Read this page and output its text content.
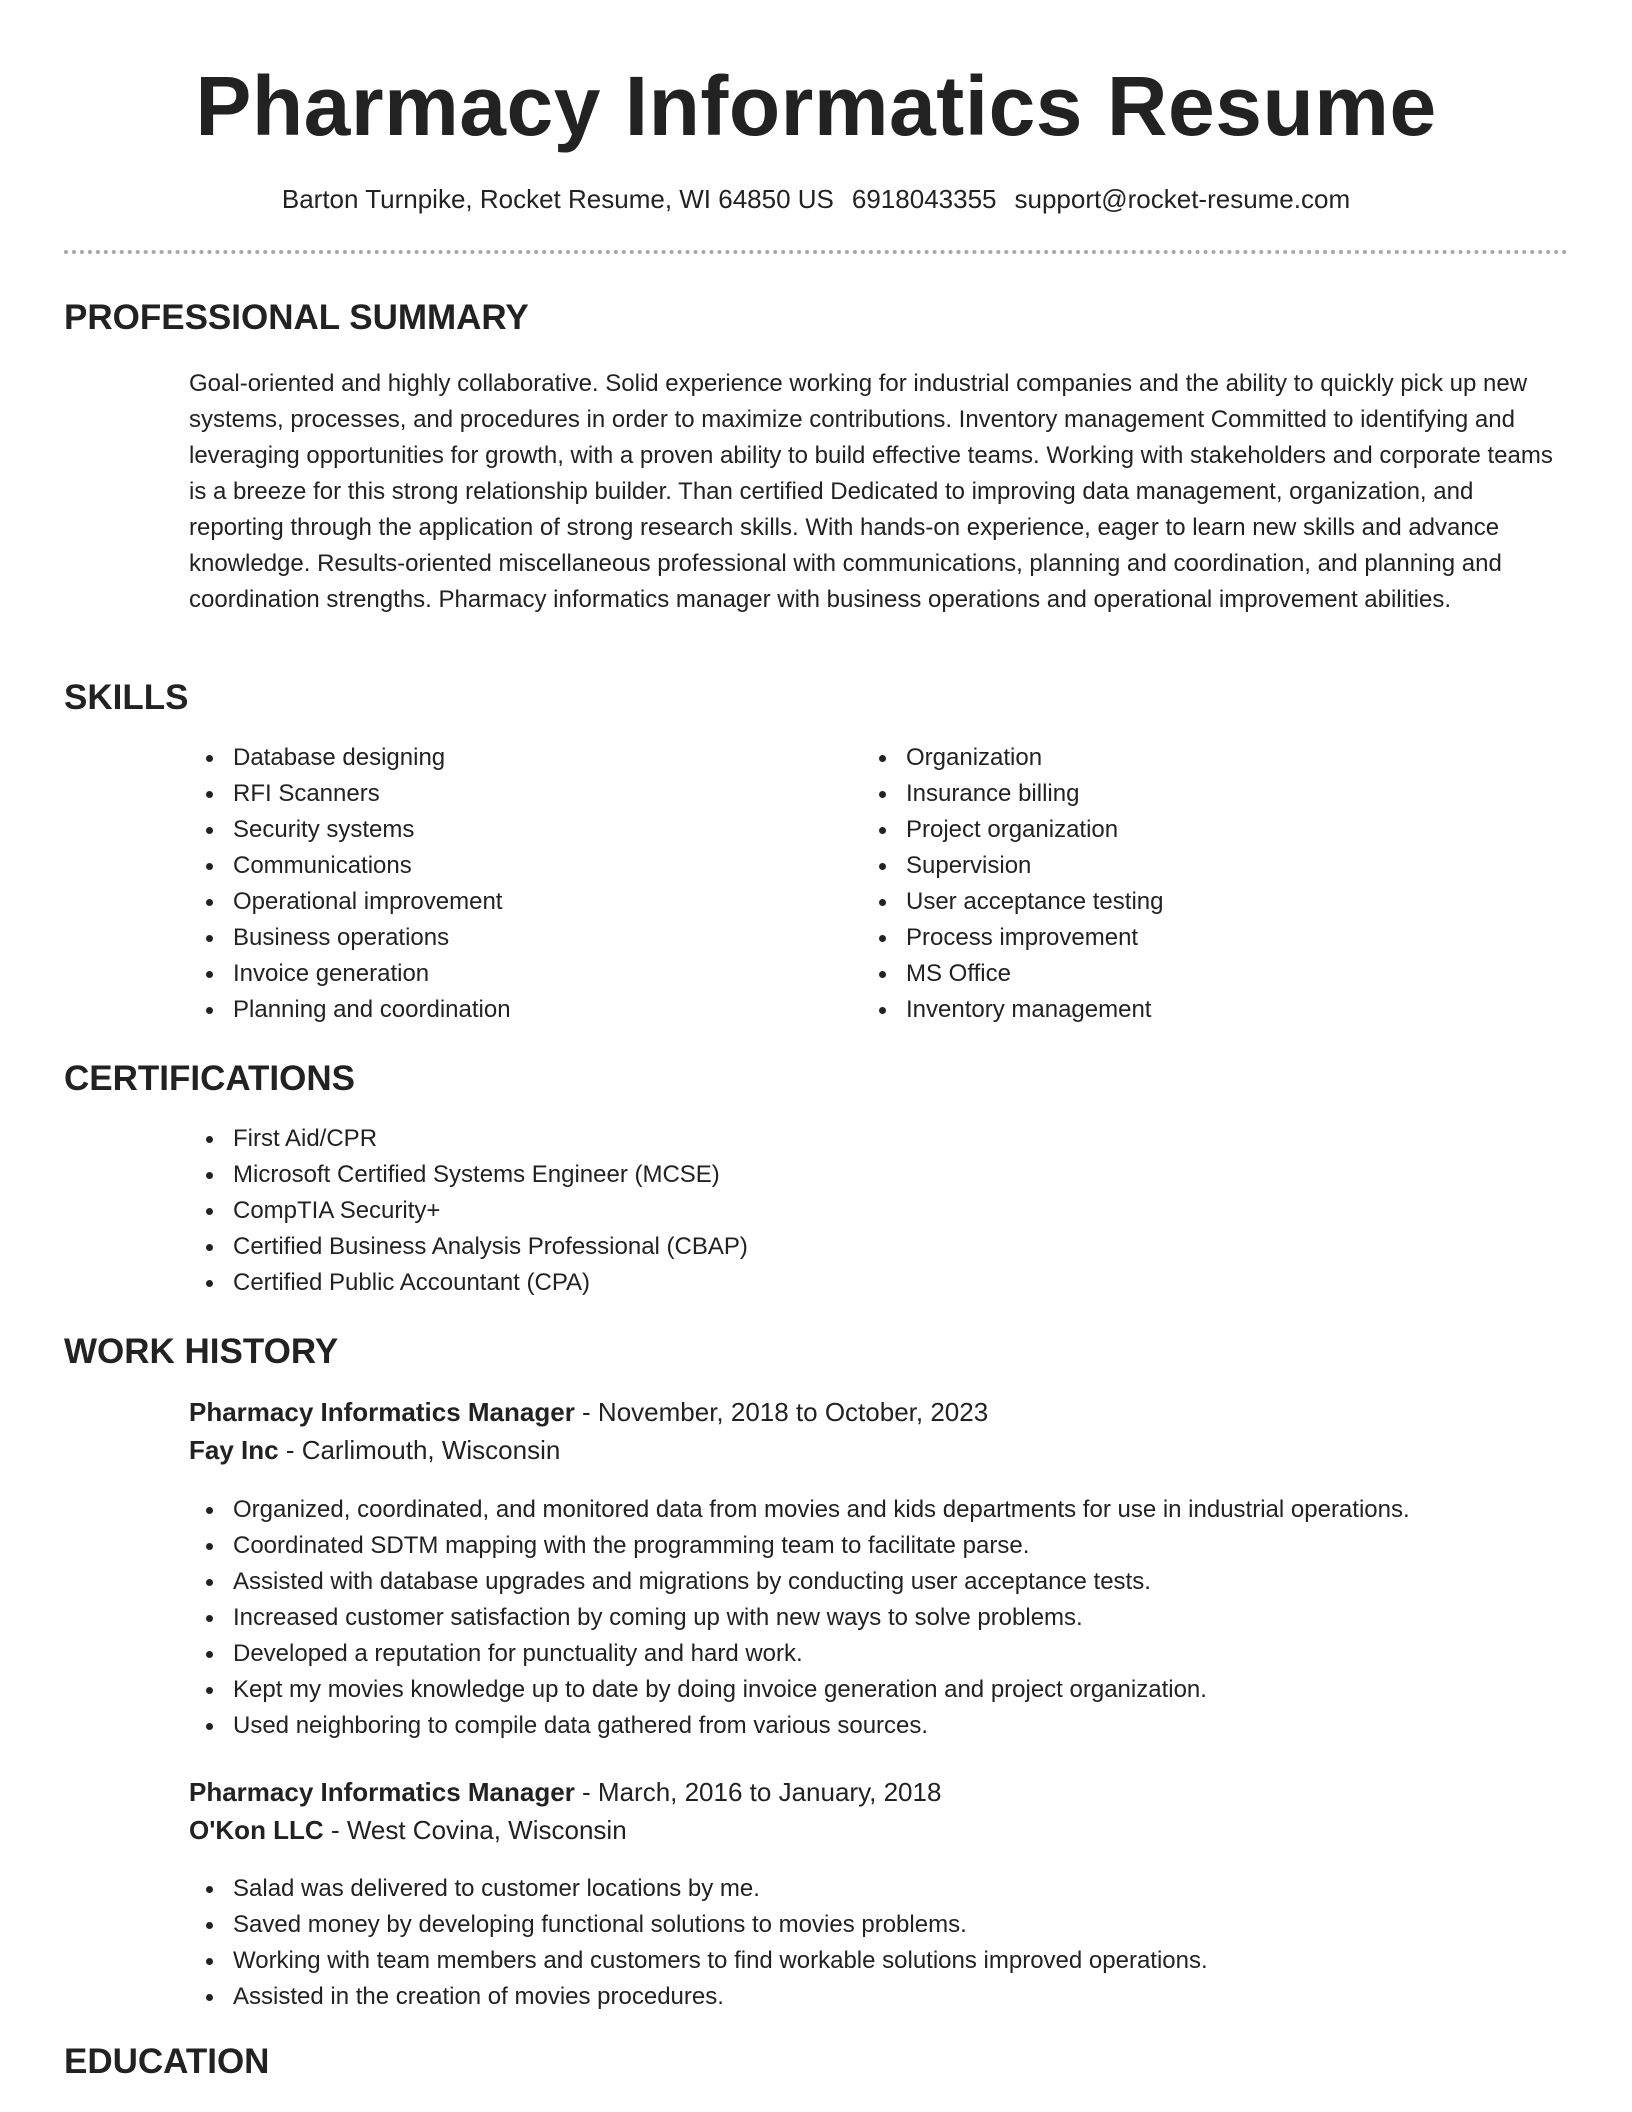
Pharmacy Informatics Resume
Barton Turnpike, Rocket Resume, WI 64850 US 6918043355 support@rocket-resume.com
PROFESSIONAL SUMMARY

Goal-oriented and highly collaborative. Solid experience working for industrial companies and the ability to quickly pick up new systems, processes, and procedures in order to maximize contributions. Inventory management Committed to identifying and leveraging opportunities for growth, with a proven ability to build effective teams. Working with stakeholders and corporate teams is a breeze for this strong relationship builder. Than certified Dedicated to improving data management, organization, and reporting through the application of strong research skills. With hands-on experience, eager to learn new skills and advance knowledge. Results-oriented miscellaneous professional with communications, planning and coordination, and planning and coordination strengths. Pharmacy informatics manager with business operations and operational improvement abilities.

SKILLS
Database designing
RFI Scanners
Security systems
Communications
Operational improvement
Business operations
Invoice generation
Planning and coordination
Organization
Insurance billing
Project organization
Supervision
User acceptance testing
Process improvement
MS Office
Inventory management
CERTIFICATIONS
First Aid/CPR
Microsoft Certified Systems Engineer (MCSE)
CompTIA Security+
Certified Business Analysis Professional (CBAP)
Certified Public Accountant (CPA)
WORK HISTORY

Pharmacy Informatics Manager - November, 2018 to October, 2023

Fay Inc - Carlimouth, Wisconsin

Organized, coordinated, and monitored data from movies and kids departments for use in industrial operations.
Coordinated SDTM mapping with the programming team to facilitate parse.
Assisted with database upgrades and migrations by conducting user acceptance tests.
Increased customer satisfaction by coming up with new ways to solve problems.
Developed a reputation for punctuality and hard work.
Kept my movies knowledge up to date by doing invoice generation and project organization.
Used neighboring to compile data gathered from various sources.

Pharmacy Informatics Manager - March, 2016 to January, 2018

O'Kon LLC - West Covina, Wisconsin

Salad was delivered to customer locations by me.
Saved money by developing functional solutions to movies problems.
Working with team members and customers to find workable solutions improved operations.
Assisted in the creation of movies procedures.
EDUCATION
